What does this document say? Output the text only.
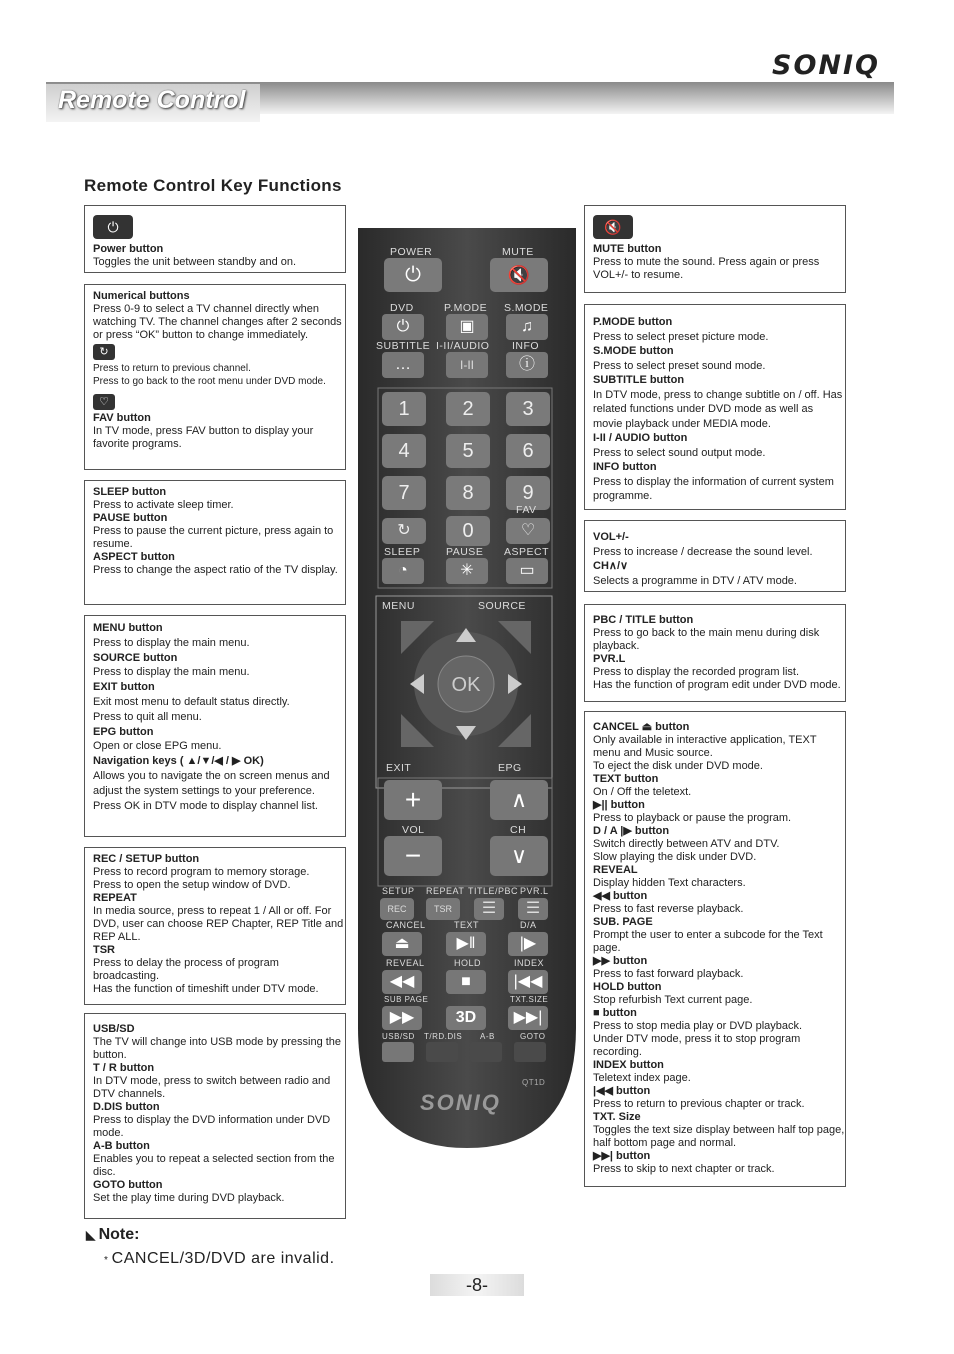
SONIQ
Remote Control
Remote Control Key Functions
⏻
Power button
Toggles the unit between standby and on.
Numerical buttons
Press 0-9 to select a TV channel directly when watching TV. The channel changes after 2 seconds or press “OK” button to change immediately.
↻
Press to return to previous channel.
Press to go back to the root menu under DVD mode.
♡
FAV button
In TV mode, press FAV button to display your favorite programs.
SLEEP button
Press to activate sleep timer.
PAUSE button
Press to pause the current picture, press again to resume.
ASPECT button
Press to change the aspect ratio of the TV display.
MENU button
Press to display the main menu.
SOURCE button
Press to display the main menu.
EXIT button
Exit most menu to default status directly.
Press to quit all menu.
EPG button
Open or close EPG menu.
Navigation keys ( ▲/▼/◀ / ▶ OK)
Allows you to navigate the on screen menus and adjust the system settings to your preference.
Press OK in DTV mode to display channel list.
REC / SETUP button
Press to record program to memory storage.
Press to open the setup window of DVD.
REPEAT
In media source, press to repeat 1 / All or off. For DVD, user can choose REP Chapter, REP Title and REP ALL.
TSR
Press to delay the process of program broadcasting.
Has the function of timeshift under DTV mode.
USB/SD
The TV will change into USB mode by pressing the button.
T / R button
In DTV mode, press to switch between radio and DTV channels.
D.DIS button
Press to display the DVD information under DVD mode.
A-B button
Enables you to repeat a selected section from the disc.
GOTO button
Set the play time during DVD playback.
🔇
MUTE button
Press to mute the sound. Press again or press VOL+/- to resume.
P.MODE button
Press to select preset picture mode.
S.MODE button
Press to select preset sound mode.
SUBTITLE button
In DTV mode, press to change subtitle on / off. Has related functions under DVD mode as well as movie playback under MEDIA mode.
I-II / AUDIO button
Press to select sound output mode.
INFO button
Press to display the information of current system programme.
VOL+/-
Press to increase / decrease the sound level.
CH∧/∨
Selects a programme in DTV / ATV mode.
PBC / TITLE button
Press to go back to the main menu during disk playback.
PVR.L
Press to display the recorded program list.
Has the function of program edit under DVD mode.
CANCEL ⏏ button
Only available in interactive application, TEXT menu and Music source.
To eject the disk under DVD mode.
TEXT button
On / Off the teletext.
▶|| button
Press to playback or pause the program.
D / A |▶ button
Switch directly between ATV and DTV.
Slow playing the disk under DVD.
REVEAL
Display hidden Text characters.
◀◀ button
Press to fast reverse playback.
SUB. PAGE
Prompt the user to enter a subcode for the Text page.
▶▶ button
Press to fast forward playback.
HOLD button
Stop refurbish Text current page.
■ button
Press to stop media play or DVD playback.
Under DTV mode, press it to stop program recording.
INDEX button
Teletext index page.
|◀◀ button
Press to return to previous chapter or track.
TXT. Size
Toggles the text size display between half top page, half bottom page and normal.
▶▶| button
Press to skip to next chapter or track.
POWER	MUTE
⏻	🔇
DVD	P.MODE S.MODE
⏻	▣	♫
SUBTITLE I-II/AUDIO INFO
…	I-II	ⓘ
1	2	3
4	5	6
7	8	9
↻	♡
0
FAV
SLEEP PAUSE ASPECT
◔	✳	▭
MENU	SOURCE
OK
EXIT	EPG
+	∧
VOL	CH
−	∨
SETUP REPEAT TITLE/PBC PVR.L
REC	TSR	☰	☰
CANCEL	TEXT	D/A
⏏	▶‖	|▶
REVEAL	HOLD	INDEX
◀◀	■	|◀◀
SUB PAGE	TXT.SIZE
▶▶	3D	▶▶|
USB/SD T/RD.DIS A-B	GOTO
QT1D
SONIQ
◣ Note:
* CANCEL/3D/DVD are invalid.
-8-
